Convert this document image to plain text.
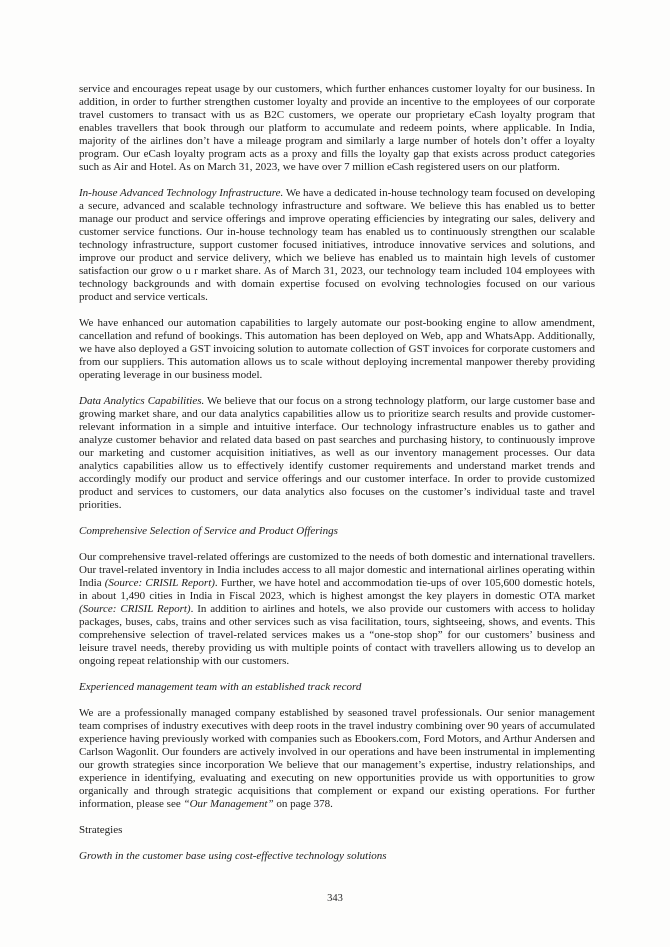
service and encourages repeat usage by our customers, which further enhances customer loyalty for our business. In addition, in order to further strengthen customer loyalty and provide an incentive to the employees of our corporate travel customers to transact with us as B2C customers, we operate our proprietary eCash loyalty program that enables travellers that book through our platform to accumulate and redeem points, where applicable. In India, majority of the airlines don’t have a mileage program and similarly a large number of hotels don’t offer a loyalty program. Our eCash loyalty program acts as a proxy and fills the loyalty gap that exists across product categories such as Air and Hotel. As on March 31, 2023, we have over 7 million eCash registered users on our platform.

In-house Advanced Technology Infrastructure. We have a dedicated in-house technology team focused on developing a secure, advanced and scalable technology infrastructure and software. We believe this has enabled us to better manage our product and service offerings and improve operating efficiencies by integrating our sales, delivery and customer service functions. Our in-house technology team has enabled us to continuously strengthen our scalable technology infrastructure, support customer focused initiatives, introduce innovative services and solutions, and improve our product and service delivery, which we believe has enabled us to maintain high levels of customer satisfaction our grow o u r market share. As of March 31, 2023, our technology team included 104 employees with technology backgrounds and with domain expertise focused on evolving technologies focused on our various product and service verticals.

We have enhanced our automation capabilities to largely automate our post-booking engine to allow amendment, cancellation and refund of bookings. This automation has been deployed on Web, app and WhatsApp. Additionally, we have also deployed a GST invoicing solution to automate collection of GST invoices for corporate customers and from our suppliers. This automation allows us to scale without deploying incremental manpower thereby providing operating leverage in our business model.

Data Analytics Capabilities. We believe that our focus on a strong technology platform, our large customer base and growing market share, and our data analytics capabilities allow us to prioritize search results and provide customer-relevant information in a simple and intuitive interface. Our technology infrastructure enables us to gather and analyze customer behavior and related data based on past searches and purchasing history, to continuously improve our marketing and customer acquisition initiatives, as well as our inventory management processes. Our data analytics capabilities allow us to effectively identify customer requirements and understand market trends and accordingly modify our product and service offerings and our customer interface. In order to provide customized product and services to customers, our data analytics also focuses on the customer’s individual taste and travel priorities.

Comprehensive Selection of Service and Product Offerings

Our comprehensive travel-related offerings are customized to the needs of both domestic and international travellers. Our travel-related inventory in India includes access to all major domestic and international airlines operating within India (Source: CRISIL Report). Further, we have hotel and accommodation tie-ups of over 105,600 domestic hotels, in about 1,490 cities in India in Fiscal 2023, which is highest amongst the key players in domestic OTA market (Source: CRISIL Report). In addition to airlines and hotels, we also provide our customers with access to holiday packages, buses, cabs, trains and other services such as visa facilitation, tours, sightseeing, shows, and events. This comprehensive selection of travel-related services makes us a “one-stop shop” for our customers’ business and leisure travel needs, thereby providing us with multiple points of contact with travellers allowing us to develop an ongoing repeat relationship with our customers.

Experienced management team with an established track record

We are a professionally managed company established by seasoned travel professionals. Our senior management team comprises of industry executives with deep roots in the travel industry combining over 90 years of accumulated experience having previously worked with companies such as Ebookers.com, Ford Motors, and Arthur Andersen and Carlson Wagonlit. Our founders are actively involved in our operations and have been instrumental in implementing our growth strategies since incorporation We believe that our management’s expertise, industry relationships, and experience in identifying, evaluating and executing on new opportunities provide us with opportunities to grow organically and through strategic acquisitions that complement or expand our existing operations. For further information, please see “Our Management” on page 378.

Strategies
Growth in the customer base using cost-effective technology solutions
343
